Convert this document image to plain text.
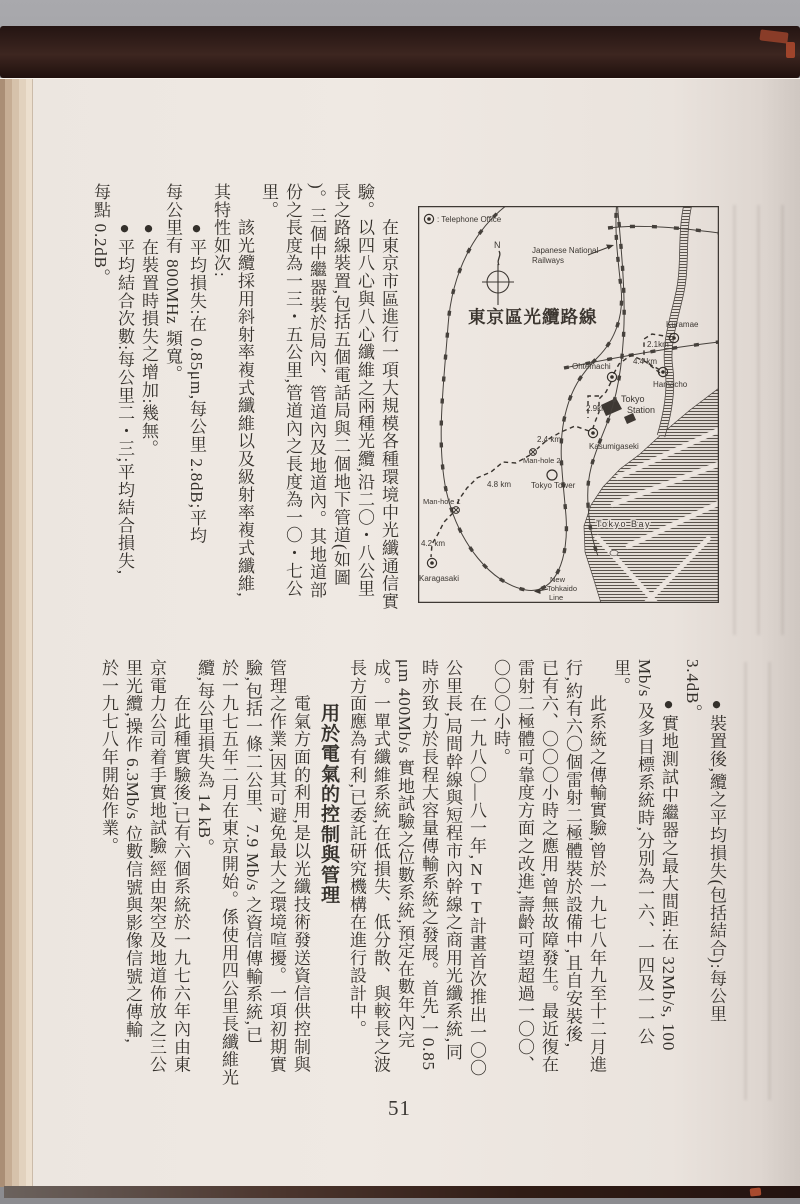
　　在東京市區進行一項大規模各種環境中光纖通信實

驗。以四八心與八心纖維之兩種光纜,沿二〇・八公里

長之路線裝置,包括五個電話局與二個地下管道(如圖

)。三個中繼器裝於局內、管道內及地道內。其地道部

份之長度為一三・五公里,管道內之長度為一〇・七公

里。

　　該光纜採用斜射率複式纖維以及級射率複式纖維,

其特性如次:

　　●平均損失:在 0.85μm,每公里 2.8dB;平均

每公里有 800MHz 頻寬。

　　●在裝置時損失之增加:幾無。

　　●平均結合次數:每公里二・三;平均結合損失,

每點 0.2dB。	: Telephone Office
N
Japanese National
Railways
東京區光纜路線	Kuramae
2.1km
4.4 km
Hamacho
Ohtemachi
Tokyo
Station
2.9km
Kasumigaseki
2.4 km
Man-hole 2
Tokyo Tower
4.8 km
Man-hole 1
4.2 km
Karagasaki
Tokyo Bay
New
Tohkaido
Line

　　●裝置後,纜之平均損失(包括結合):每公里

3.4dB。

　　●實地測試中繼器之最大間距:在 32Mb/s, 100

Mb/s 及多目標系統時,分別為一六、一四及一一公

里。

　　此系統之傳輸實驗,曾於一九七八年九至十二月進

行,約有六〇個雷射二極體裝於設備中,且自安裝後,

已有六、〇〇〇小時之應用,曾無故障發生。最近復在

雷射二極體可靠度方面之改進,壽齡可望超過一〇〇、

〇〇〇小時。

　　在一九八〇—八一年,NTT計畫首次推出一〇〇

公里長,局間幹線與短程市內幹線之商用光纖系統,同

時亦致力於長程大容量傳輸系統之發展。首先,一0.85

μm 400Mb/s 實地試驗之位數系統,預定在數年內完

成。一單式纖維系統,在低損失、低分散、與較長之波

長方面應為有利,已委託研究機構在進行設計中。

用於電氣的控制與管理

　　電氣方面的利用,是以光纖技術發送資信供控制與

管理之作業,因其可避免最大之環境喧擾。一項初期實

驗,包括一條二公里、7.9 Mb/s 之資信傳輸系統,已

於一九七五年二月在東京開始。係使用四公里長纖維光

纜,每公里損失為 14 kB。

　　在此種實驗後,已有六個系統於一九七六年內由東

京電力公司着手實地試驗,經由架空及地道佈放之三公

里光纜,操作 6.3Mb/s 位數信號與影像信號之傳輸,

於一九七八年開始作業。

51
